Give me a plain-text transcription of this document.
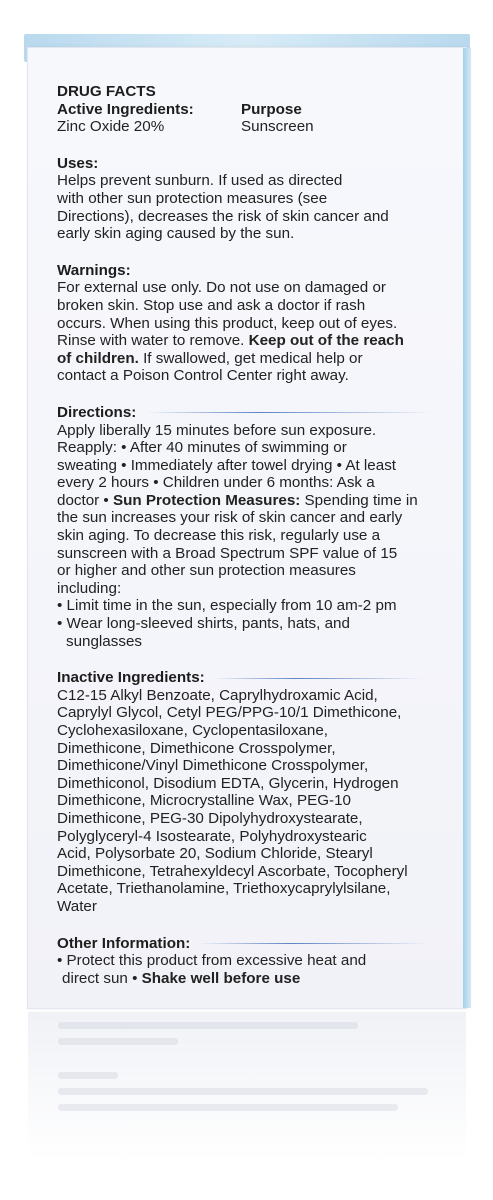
DRUG FACTS
Active Ingredients:	Purpose
Zinc Oxide 20%	Sunscreen
Uses:
Helps prevent sunburn. If used as directed
with other sun protection measures (see
Directions), decreases the risk of skin cancer and
early skin aging caused by the sun.
Warnings:
For external use only. Do not use on damaged or
broken skin. Stop use and ask a doctor if rash
occurs. When using this product, keep out of eyes.
Rinse with water to remove. Keep out of the reach
of children. If swallowed, get medical help or
contact a Poison Control Center right away.
Directions:
Apply liberally 15 minutes before sun exposure.
Reapply: • After 40 minutes of swimming or
sweating • Immediately after towel drying • At least
every 2 hours • Children under 6 months: Ask a
doctor • Sun Protection Measures: Spending time in
the sun increases your risk of skin cancer and early
skin aging. To decrease this risk, regularly use a
sunscreen with a Broad Spectrum SPF value of 15
or higher and other sun protection measures
including:
• Limit time in the sun, especially from 10 am-2 pm
• Wear long-sleeved shirts, pants, hats, and
sunglasses
Inactive Ingredients:
C12-15 Alkyl Benzoate, Caprylhydroxamic Acid,
Caprylyl Glycol, Cetyl PEG/PPG-10/1 Dimethicone,
Cyclohexasiloxane, Cyclopentasiloxane,
Dimethicone, Dimethicone Crosspolymer,
Dimethicone/Vinyl Dimethicone Crosspolymer,
Dimethiconol, Disodium EDTA, Glycerin, Hydrogen
Dimethicone, Microcrystalline Wax, PEG-10
Dimethicone, PEG-30 Dipolyhydroxystearate,
Polyglyceryl-4 Isostearate, Polyhydroxystearic
Acid, Polysorbate 20, Sodium Chloride, Stearyl
Dimethicone, Tetrahexyldecyl Ascorbate, Tocopheryl
Acetate, Triethanolamine, Triethoxycaprylylsilane,
Water
Other Information:
• Protect this product from excessive heat and
direct sun • Shake well before use
